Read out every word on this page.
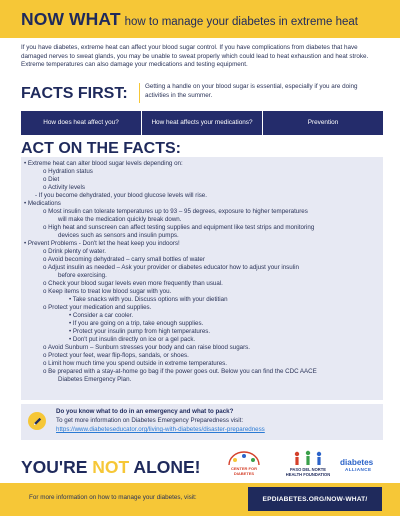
NOW WHAT how to manage your diabetes in extreme heat

If you have diabetes, extreme heat can affect your blood sugar control. If you have complications from diabetes that have damaged nerves to sweat glands, you may be unable to sweat properly which could lead to heat exhaustion and heat stroke. Extreme temperatures can also damage your medications and testing equipment.

FACTS FIRST:	Getting a handle on your blood sugar is essential, especially if you are doing activities in the summer.
How does heat affect you?	How heat affects your medications?	Prevention
ACT ON THE FACTS:
• Extreme heat can alter blood sugar levels depending on:
o Hydration status
o Diet
o Activity levels
- If you become dehydrated, your blood glucose levels will rise.
• Medications
o Most insulin can tolerate temperatures up to 93 – 95 degrees, exposure to higher temperatures
will make the medication quickly break down.
o High heat and sunscreen can affect testing supplies and equipment like test strips and monitoring
devices such as sensors and insulin pumps.
• Prevent Problems - Don't let the heat keep you indoors!
o Drink plenty of water.
o Avoid becoming dehydrated – carry small bottles of water
o Adjust insulin as needed – Ask your provider or diabetes educator how to adjust your insulin
before exercising.
o Check your blood sugar levels even more frequently than usual.
o Keep items to treat low blood sugar with you.
• Take snacks with you. Discuss options with your dietitian
o Protect your medication and supplies.
• Consider a car cooler.
• If you are going on a trip, take enough supplies.
• Protect your insulin pump from high temperatures.
• Don't put insulin directly on ice or a gel pack.
o Avoid Sunburn – Sunburn stresses your body and can raise blood sugars.
o Protect your feet, wear flip-flops, sandals, or shoes.
o Limit how much time you spend outside in extreme temperatures.
o Be prepared with a stay-at-home go bag if the power goes out. Below you can find the CDC AACE
Diabetes Emergency Plan.
Do you know what to do in an emergency and what to pack?
To get more information on Diabetes Emergency Preparedness visit:
https://www.diabeteseducator.org/living-with-diabetes/disaster-preparedness
YOU'RE NOT ALONE!	CENTER FOR DIABETES
PASO DEL NORTE HEALTH FOUNDATION
diabetes
ALLIANCE
For more information on how to manage your diabetes, visit:	EPDIABETES.ORG/NOW-WHAT/
